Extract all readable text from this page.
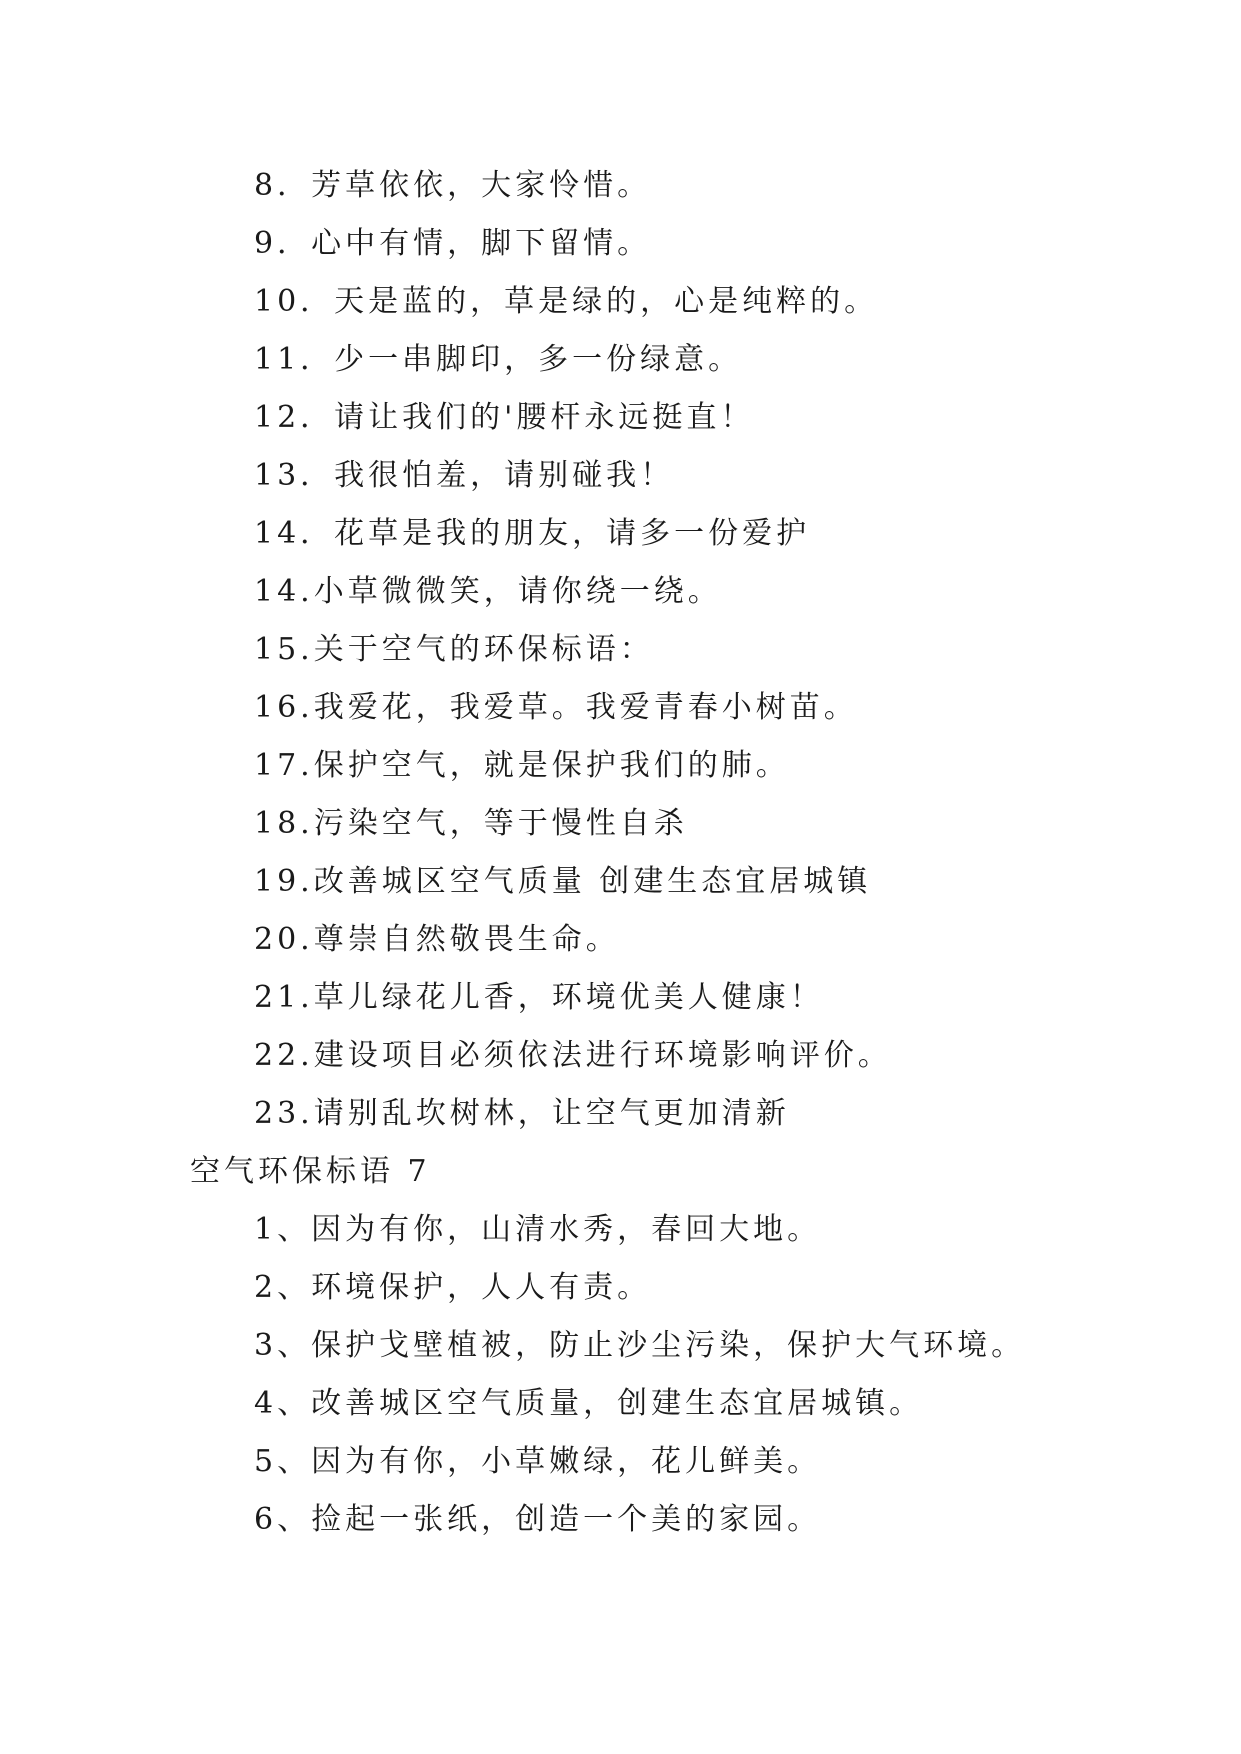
8．芳草依依，大家怜惜。
9．心中有情，脚下留情。
10．天是蓝的，草是绿的，心是纯粹的。
11．少一串脚印，多一份绿意。
12．请让我们的'腰杆永远挺直！
13．我很怕羞，请别碰我！
14．花草是我的朋友，请多一份爱护
14.小草微微笑，请你绕一绕。
15.关于空气的环保标语：
16.我爱花，我爱草。我爱青春小树苗。
17.保护空气，就是保护我们的肺。
18.污染空气，等于慢性自杀
19.改善城区空气质量 创建生态宜居城镇
20.尊崇自然敬畏生命。
21.草儿绿花儿香，环境优美人健康！
22.建设项目必须依法进行环境影响评价。
23.请别乱坎树林，让空气更加清新
空气环保标语 7
1、因为有你，山清水秀，春回大地。
2、环境保护，人人有责。
3、保护戈壁植被，防止沙尘污染，保护大气环境。
4、改善城区空气质量，创建生态宜居城镇。
5、因为有你，小草嫩绿，花儿鲜美。
6、捡起一张纸，创造一个美的家园。
